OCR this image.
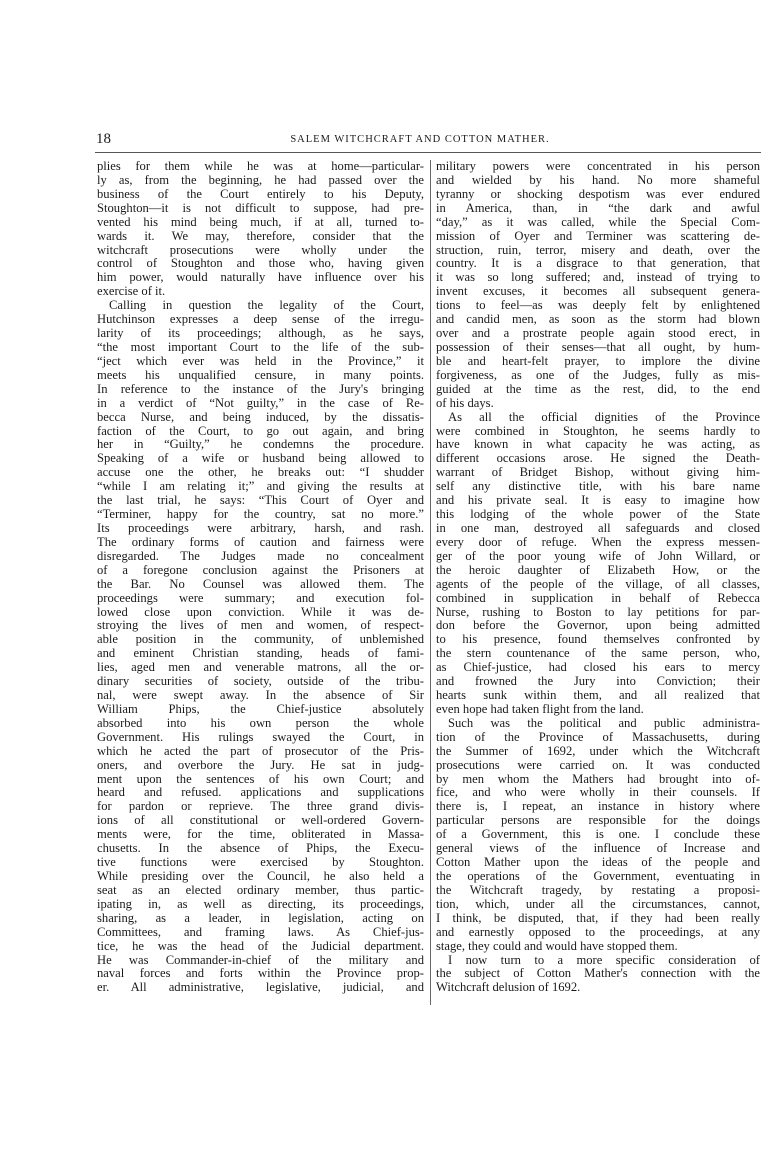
18	SALEM WITCHCRAFT AND COTTON MATHER.
plies for them while he was at home—particular-
ly as, from the beginning, he had passed over the
business of the Court entirely to his Deputy,
Stoughton—it is not difficult to suppose, had pre-
vented his mind being much, if at all, turned to-
wards it. We may, therefore, consider that the
witchcraft prosecutions were wholly under the
control of Stoughton and those who, having given
him power, would naturally have influence over his
exercise of it.
Calling in question the legality of the Court,
Hutchinson expresses a deep sense of the irregu-
larity of its proceedings; although, as he says,
“the most important Court to the life of the sub-
“ject which ever was held in the Province,” it
meets his unqualified censure, in many points.
In reference to the instance of the Jury's bringing
in a verdict of “Not guilty,” in the case of Re-
becca Nurse, and being induced, by the dissatis-
faction of the Court, to go out again, and bring
her in “Guilty,” he condemns the procedure.
Speaking of a wife or husband being allowed to
accuse one the other, he breaks out: “I shudder
“while I am relating it;” and giving the results at
the last trial, he says: “This Court of Oyer and
“Terminer, happy for the country, sat no more.”
Its proceedings were arbitrary, harsh, and rash.
The ordinary forms of caution and fairness were
disregarded. The Judges made no concealment
of a foregone conclusion against the Prisoners at
the Bar. No Counsel was allowed them. The
proceedings were summary; and execution fol-
lowed close upon conviction. While it was de-
stroying the lives of men and women, of respect-
able position in the community, of unblemished
and eminent Christian standing, heads of fami-
lies, aged men and venerable matrons, all the or-
dinary securities of society, outside of the tribu-
nal, were swept away. In the absence of Sir
William Phips, the Chief-justice absolutely
absorbed into his own person the whole
Government. His rulings swayed the Court, in
which he acted the part of prosecutor of the Pris-
oners, and overbore the Jury. He sat in judg-
ment upon the sentences of his own Court; and
heard and refused. applications and supplications
for pardon or reprieve. The three grand divis-
ions of all constitutional or well-ordered Govern-
ments were, for the time, obliterated in Massa-
chusetts. In the absence of Phips, the Execu-
tive functions were exercised by Stoughton.
While presiding over the Council, he also held a
seat as an elected ordinary member, thus partic-
ipating in, as well as directing, its proceedings,
sharing, as a leader, in legislation, acting on
Committees, and framing laws. As Chief-jus-
tice, he was the head of the Judicial department.
He was Commander-in-chief of the military and
naval forces and forts within the Province prop-
er. All administrative, legislative, judicial, and
military powers were concentrated in his person
and wielded by his hand. No more shameful
tyranny or shocking despotism was ever endured
in America, than, in “the dark and awful
“day,” as it was called, while the Special Com-
mission of Oyer and Terminer was scattering de-
struction, ruin, terror, misery and death, over the
country. It is a disgrace to that generation, that
it was so long suffered; and, instead of trying to
invent excuses, it becomes all subsequent genera-
tions to feel—as was deeply felt by enlightened
and candid men, as soon as the storm had blown
over and a prostrate people again stood erect, in
possession of their senses—that all ought, by hum-
ble and heart-felt prayer, to implore the divine
forgiveness, as one of the Judges, fully as mis-
guided at the time as the rest, did, to the end
of his days.
As all the official dignities of the Province
were combined in Stoughton, he seems hardly to
have known in what capacity he was acting, as
different occasions arose. He signed the Death-
warrant of Bridget Bishop, without giving him-
self any distinctive title, with his bare name
and his private seal. It is easy to imagine how
this lodging of the whole power of the State
in one man, destroyed all safeguards and closed
every door of refuge. When the express messen-
ger of the poor young wife of John Willard, or
the heroic daughter of Elizabeth How, or the
agents of the people of the village, of all classes,
combined in supplication in behalf of Rebecca
Nurse, rushing to Boston to lay petitions for par-
don before the Governor, upon being admitted
to his presence, found themselves confronted by
the stern countenance of the same person, who,
as Chief-justice, had closed his ears to mercy
and frowned the Jury into Conviction; their
hearts sunk within them, and all realized that
even hope had taken flight from the land.
Such was the political and public administra-
tion of the Province of Massachusetts, during
the Summer of 1692, under which the Witchcraft
prosecutions were carried on. It was conducted
by men whom the Mathers had brought into of-
fice, and who were wholly in their counsels. If
there is, I repeat, an instance in history where
particular persons are responsible for the doings
of a Government, this is one. I conclude these
general views of the influence of Increase and
Cotton Mather upon the ideas of the people and
the operations of the Government, eventuating in
the Witchcraft tragedy, by restating a proposi-
tion, which, under all the circumstances, cannot,
I think, be disputed, that, if they had been really
and earnestly opposed to the proceedings, at any
stage, they could and would have stopped them.
I now turn to a more specific consideration of
the subject of Cotton Mather's connection with the
Witchcraft delusion of 1692.
